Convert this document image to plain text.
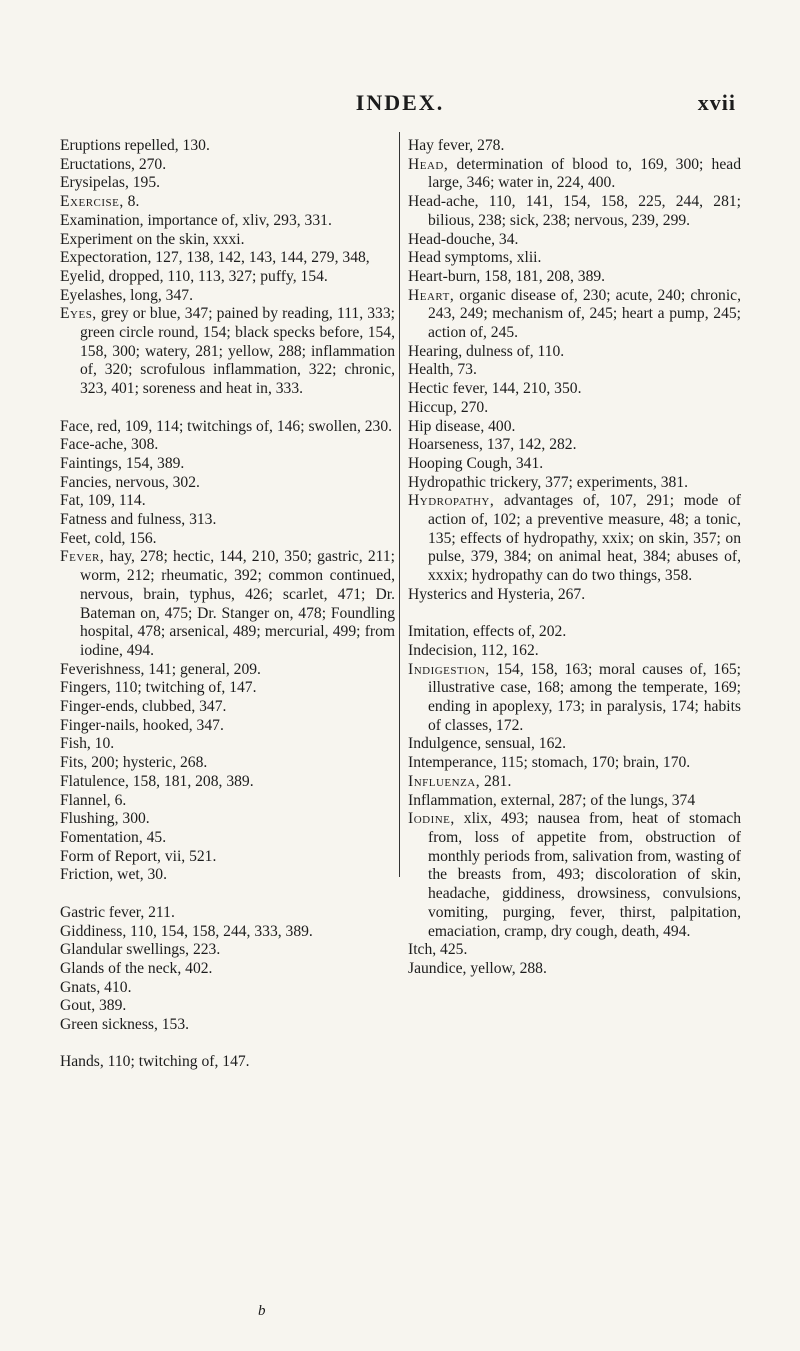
INDEX.	xvii
Eruptions repelled, 130.
Eructations, 270.
Erysipelas, 195.
Exercise, 8.
Examination, importance of, xliv, 293, 331.
Experiment on the skin, xxxi.
Expectoration, 127, 138, 142, 143, 144, 279, 348,
Eyelid, dropped, 110, 113, 327; puffy, 154.
Eyelashes, long, 347.
Eyes, grey or blue, 347; pained by reading, 111, 333; green circle round, 154; black specks before, 154, 158, 300; watery, 281; yellow, 288; inflammation of, 320; scrofulous inflammation, 322; chronic, 323, 401; soreness and heat in, 333.
Face, red, 109, 114; twitchings of, 146; swollen, 230.
Face-ache, 308.
Faintings, 154, 389.
Fancies, nervous, 302.
Fat, 109, 114.
Fatness and fulness, 313.
Feet, cold, 156.
Fever, hay, 278; hectic, 144, 210, 350; gastric, 211; worm, 212; rheumatic, 392; common continued, nervous, brain, typhus, 426; scarlet, 471; Dr. Bateman on, 475; Dr. Stanger on, 478; Foundling hospital, 478; arsenical, 489; mercurial, 499; from iodine, 494.
Feverishness, 141; general, 209.
Fingers, 110; twitching of, 147.
Finger-ends, clubbed, 347.
Finger-nails, hooked, 347.
Fish, 10.
Fits, 200; hysteric, 268.
Flatulence, 158, 181, 208, 389.
Flannel, 6.
Flushing, 300.
Fomentation, 45.
Form of Report, vii, 521.
Friction, wet, 30.
Gastric fever, 211.
Giddiness, 110, 154, 158, 244, 333, 389.
Glandular swellings, 223.
Glands of the neck, 402.
Gnats, 410.
Gout, 389.
Green sickness, 153.
Hands, 110; twitching of, 147.
Hay fever, 278.
Head, determination of blood to, 169, 300; head large, 346; water in, 224, 400.
Head-ache, 110, 141, 154, 158, 225, 244, 281; bilious, 238; sick, 238; nervous, 239, 299.
Head-douche, 34.
Head symptoms, xlii.
Heart-burn, 158, 181, 208, 389.
Heart, organic disease of, 230; acute, 240; chronic, 243, 249; mechanism of, 245; heart a pump, 245; action of, 245.
Hearing, dulness of, 110.
Health, 73.
Hectic fever, 144, 210, 350.
Hiccup, 270.
Hip disease, 400.
Hoarseness, 137, 142, 282.
Hooping Cough, 341.
Hydropathic trickery, 377; experiments, 381.
Hydropathy, advantages of, 107, 291; mode of action of, 102; a preventive measure, 48; a tonic, 135; effects of hydropathy, xxix; on skin, 357; on pulse, 379, 384; on animal heat, 384; abuses of, xxxix; hydropathy can do two things, 358.
Hysterics and Hysteria, 267.
Imitation, effects of, 202.
Indecision, 112, 162.
Indigestion, 154, 158, 163; moral causes of, 165; illustrative case, 168; among the temperate, 169; ending in apoplexy, 173; in paralysis, 174; habits of classes, 172.
Indulgence, sensual, 162.
Intemperance, 115; stomach, 170; brain, 170.
Influenza, 281.
Inflammation, external, 287; of the lungs, 374
Iodine, xlix, 493; nausea from, heat of stomach from, loss of appetite from, obstruction of monthly periods from, salivation from, wasting of the breasts from, 493; discoloration of skin, headache, giddiness, drowsiness, convulsions, vomiting, purging, fever, thirst, palpitation, emaciation, cramp, dry cough, death, 494.
Itch, 425.
Jaundice, yellow, 288.
b
